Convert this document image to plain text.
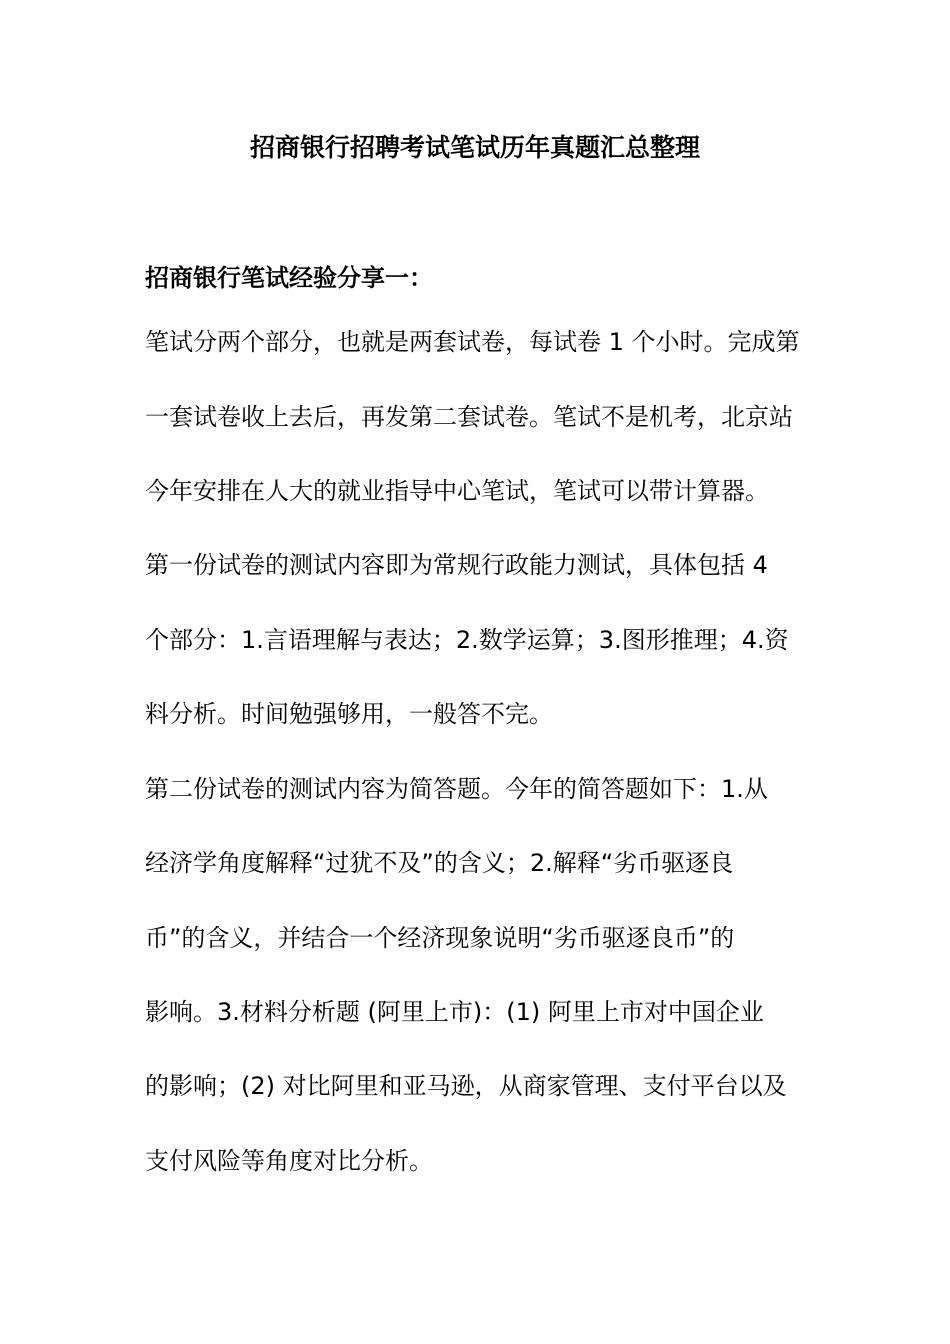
招商银行招聘考试笔试历年真题汇总整理
招商银行笔试经验分享一：

笔试分两个部分，也就是两套试卷，每试卷 1 个小时。完成第

一套试卷收上去后，再发第二套试卷。笔试不是机考，北京站

今年安排在人大的就业指导中心笔试，笔试可以带计算器。

第一份试卷的测试内容即为常规行政能力测试，具体包括 4

个部分：1.言语理解与表达；2.数学运算；3.图形推理；4.资

料分析。时间勉强够用，一般答不完。

第二份试卷的测试内容为简答题。今年的简答题如下：1.从

经济学角度解释“过犹不及”的含义；2.解释“劣币驱逐良

币”的含义，并结合一个经济现象说明“劣币驱逐良币”的

影响。3.材料分析题 (阿里上市)：(1) 阿里上市对中国企业

的影响；(2) 对比阿里和亚马逊，从商家管理、支付平台以及

支付风险等角度对比分析。
